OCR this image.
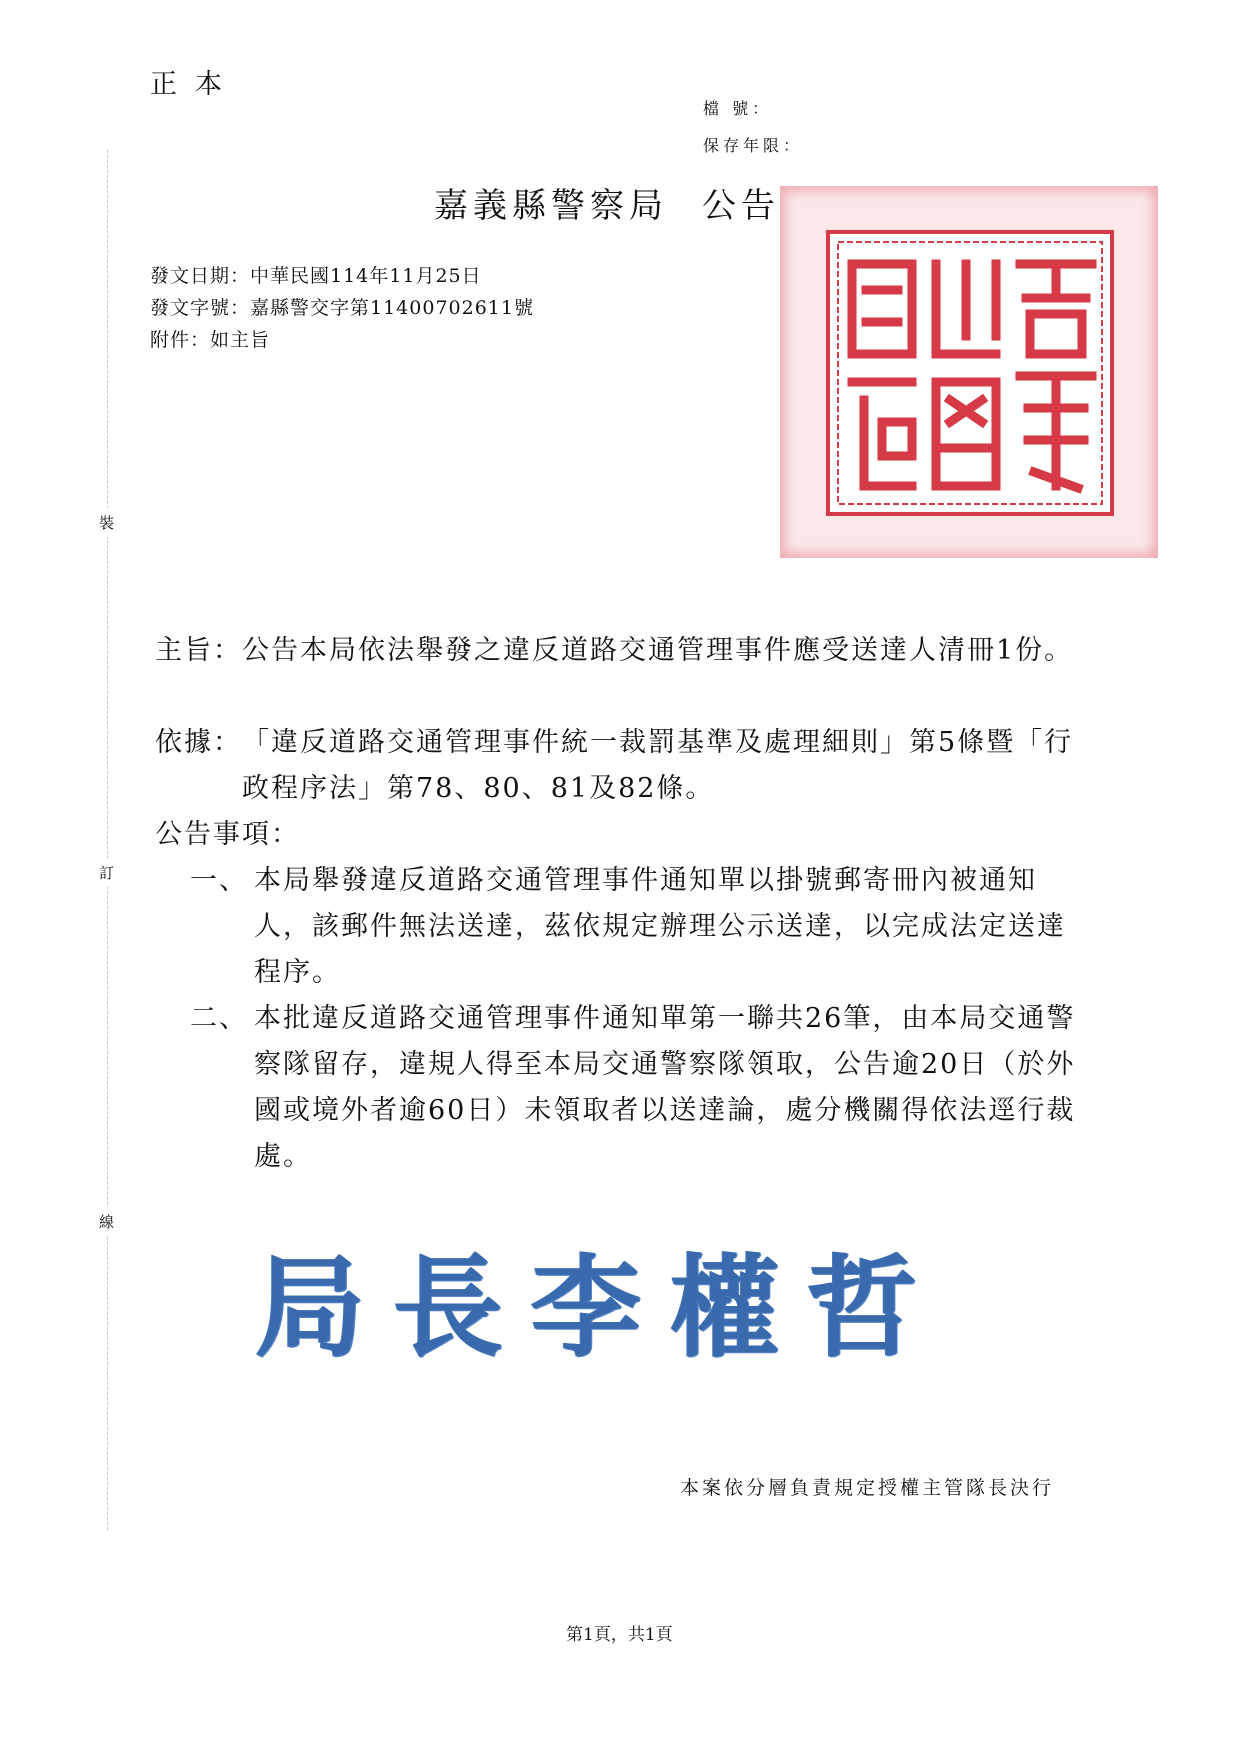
正本
檔 號：
保存年限：
嘉義縣警察局 公告
發文日期：中華民國114年11月25日
發文字號：嘉縣警交字第11400702611號
附件：如主旨
裝
訂
線
主旨： 公告本局依法舉發之違反道路交通管理事件應受送達人清冊1份。
依據： 「違反道路交通管理事件統一裁罰基準及處理細則」第5條暨「行政程序法」第78、80、81及82條。
公告事項：
一、 本局舉發違反道路交通管理事件通知單以掛號郵寄冊內被通知人，該郵件無法送達，茲依規定辦理公示送達，以完成法定送達程序。
二、 本批違反道路交通管理事件通知單第一聯共26筆，由本局交通警察隊留存，違規人得至本局交通警察隊領取，公告逾20日（於外國或境外者逾60日）未領取者以送達論，處分機關得依法逕行裁處。
局長李權哲
本案依分層負責規定授權主管隊長決行
第1頁，共1頁
